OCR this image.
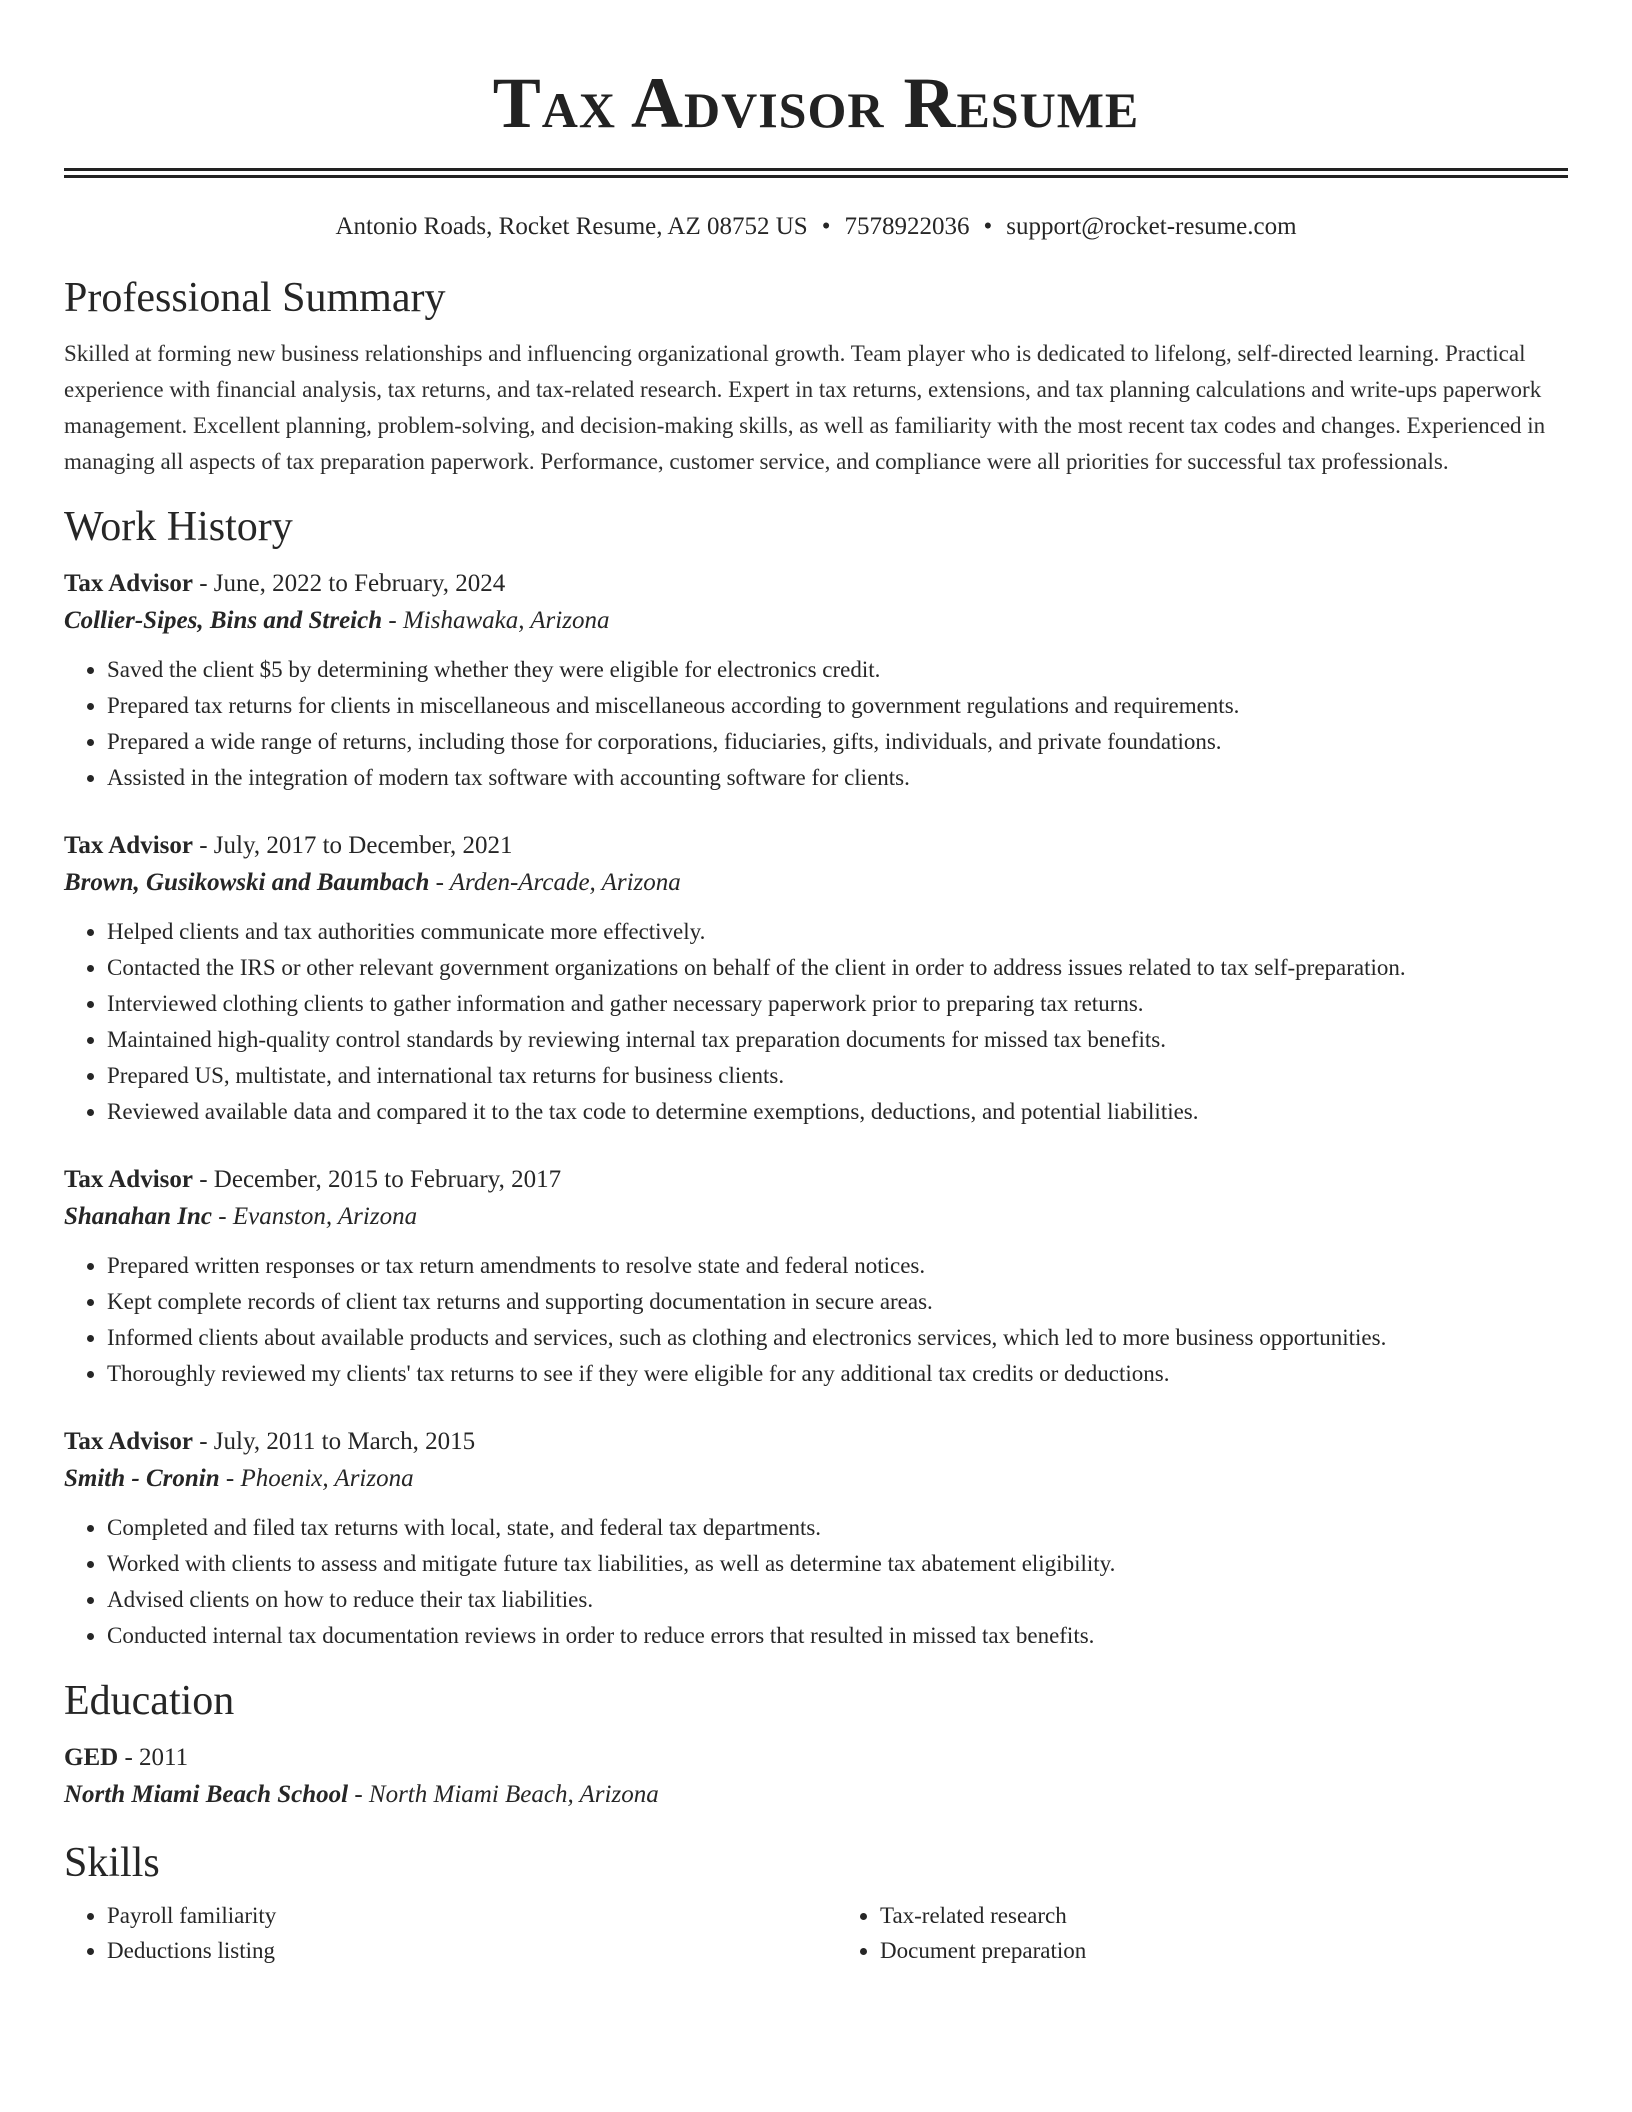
Tax Advisor Resume
Antonio Roads, Rocket Resume, AZ 08752 US • 7578922036 • support@rocket-resume.com
Professional Summary

Skilled at forming new business relationships and influencing organizational growth. Team player who is dedicated to lifelong, self-directed learning. Practical experience with financial analysis, tax returns, and tax-related research. Expert in tax returns, extensions, and tax planning calculations and write-ups paperwork management. Excellent planning, problem-solving, and decision-making skills, as well as familiarity with the most recent tax codes and changes. Experienced in managing all aspects of tax preparation paperwork. Performance, customer service, and compliance were all priorities for successful tax professionals.

Work History

Tax Advisor - June, 2022 to February, 2024

Collier-Sipes, Bins and Streich - Mishawaka, Arizona

• Saved the client $5 by determining whether they were eligible for electronics credit.
• Prepared tax returns for clients in miscellaneous and miscellaneous according to government regulations and requirements.
• Prepared a wide range of returns, including those for corporations, fiduciaries, gifts, individuals, and private foundations.
• Assisted in the integration of modern tax software with accounting software for clients.

Tax Advisor - July, 2017 to December, 2021

Brown, Gusikowski and Baumbach - Arden-Arcade, Arizona

• Helped clients and tax authorities communicate more effectively.
• Contacted the IRS or other relevant government organizations on behalf of the client in order to address issues related to tax self-preparation.
• Interviewed clothing clients to gather information and gather necessary paperwork prior to preparing tax returns.
• Maintained high-quality control standards by reviewing internal tax preparation documents for missed tax benefits.
• Prepared US, multistate, and international tax returns for business clients.
• Reviewed available data and compared it to the tax code to determine exemptions, deductions, and potential liabilities.

Tax Advisor - December, 2015 to February, 2017

Shanahan Inc - Evanston, Arizona

• Prepared written responses or tax return amendments to resolve state and federal notices.
• Kept complete records of client tax returns and supporting documentation in secure areas.
• Informed clients about available products and services, such as clothing and electronics services, which led to more business opportunities.
• Thoroughly reviewed my clients' tax returns to see if they were eligible for any additional tax credits or deductions.

Tax Advisor - July, 2011 to March, 2015

Smith - Cronin - Phoenix, Arizona

• Completed and filed tax returns with local, state, and federal tax departments.
• Worked with clients to assess and mitigate future tax liabilities, as well as determine tax abatement eligibility.
• Advised clients on how to reduce their tax liabilities.
• Conducted internal tax documentation reviews in order to reduce errors that resulted in missed tax benefits.
Education

GED - 2011

North Miami Beach School - North Miami Beach, Arizona

Skills
• Payroll familiarity
• Deductions listing
• Tax-related research
• Document preparation
